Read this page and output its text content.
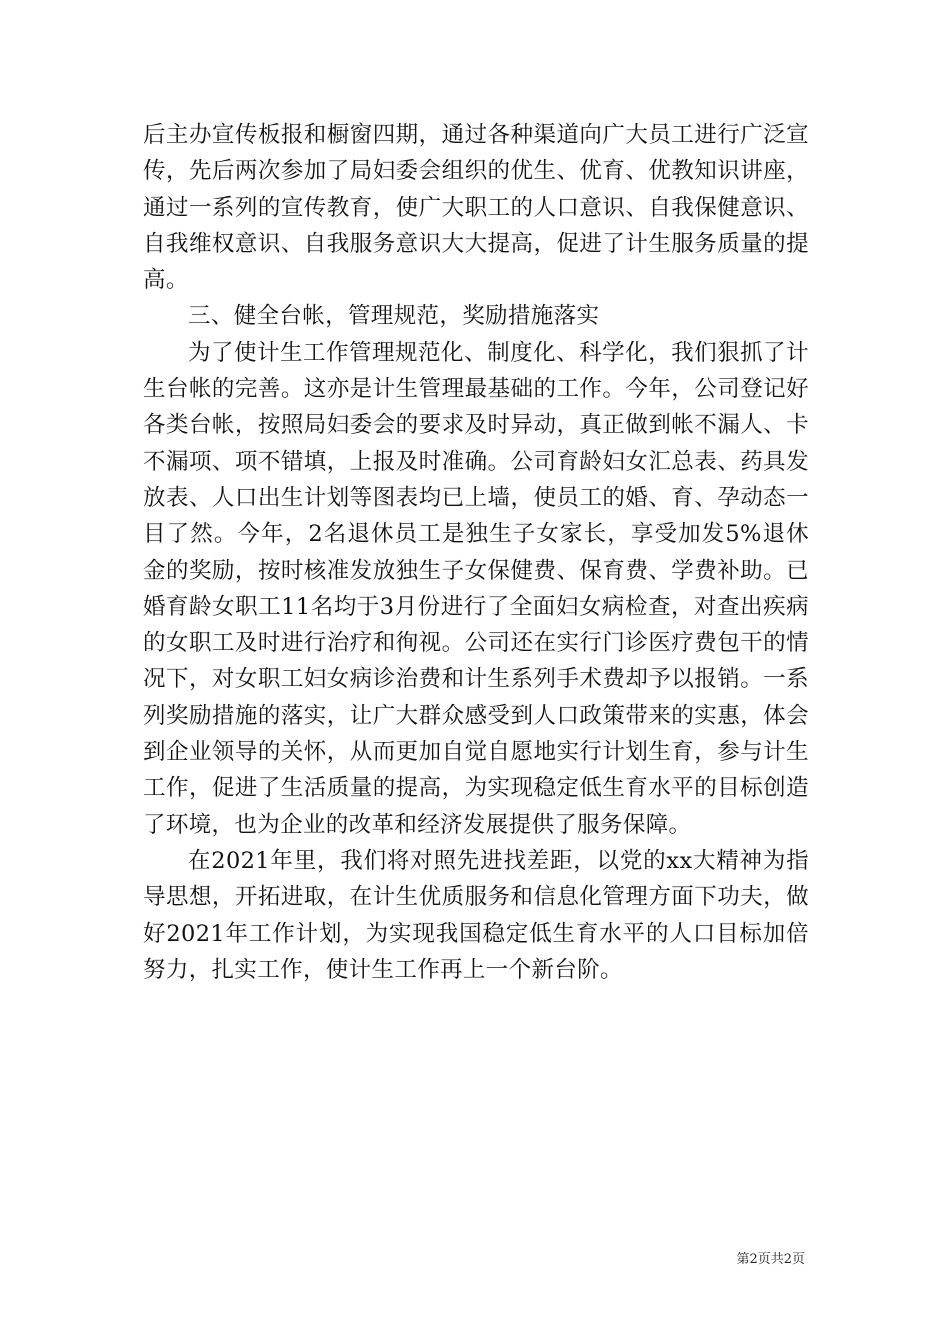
后主办宣传板报和橱窗四期，通过各种渠道向广大员工进行广泛宣传，先后两次参加了局妇委会组织的优生、优育、优教知识讲座，通过一系列的宣传教育，使广大职工的人口意识、自我保健意识、自我维权意识、自我服务意识大大提高，促进了计生服务质量的提高。

三、健全台帐，管理规范，奖励措施落实

为了使计生工作管理规范化、制度化、科学化，我们狠抓了计生台帐的完善。这亦是计生管理最基础的工作。今年，公司登记好各类台帐，按照局妇委会的要求及时异动，真正做到帐不漏人、卡不漏项、项不错填，上报及时准确。公司育龄妇女汇总表、药具发放表、人口出生计划等图表均已上墙，使员工的婚、育、孕动态一目了然。今年，2名退休员工是独生子女家长，享受加发5%退休金的奖励，按时核准发放独生子女保健费、保育费、学费补助。已婚育龄女职工11名均于3月份进行了全面妇女病检查，对查出疾病的女职工及时进行治疗和徇视。公司还在实行门诊医疗费包干的情况下，对女职工妇女病诊治费和计生系列手术费却予以报销。一系列奖励措施的落实，让广大群众感受到人口政策带来的实惠，体会到企业领导的关怀，从而更加自觉自愿地实行计划生育，参与计生工作，促进了生活质量的提高，为实现稳定低生育水平的目标创造了环境，也为企业的改革和经济发展提供了服务保障。

在2021年里，我们将对照先进找差距，以党的xx大精神为指导思想，开拓进取，在计生优质服务和信息化管理方面下功夫，做好2021年工作计划，为实现我国稳定低生育水平的人口目标加倍努力，扎实工作，使计生工作再上一个新台阶。

第2页共2页
